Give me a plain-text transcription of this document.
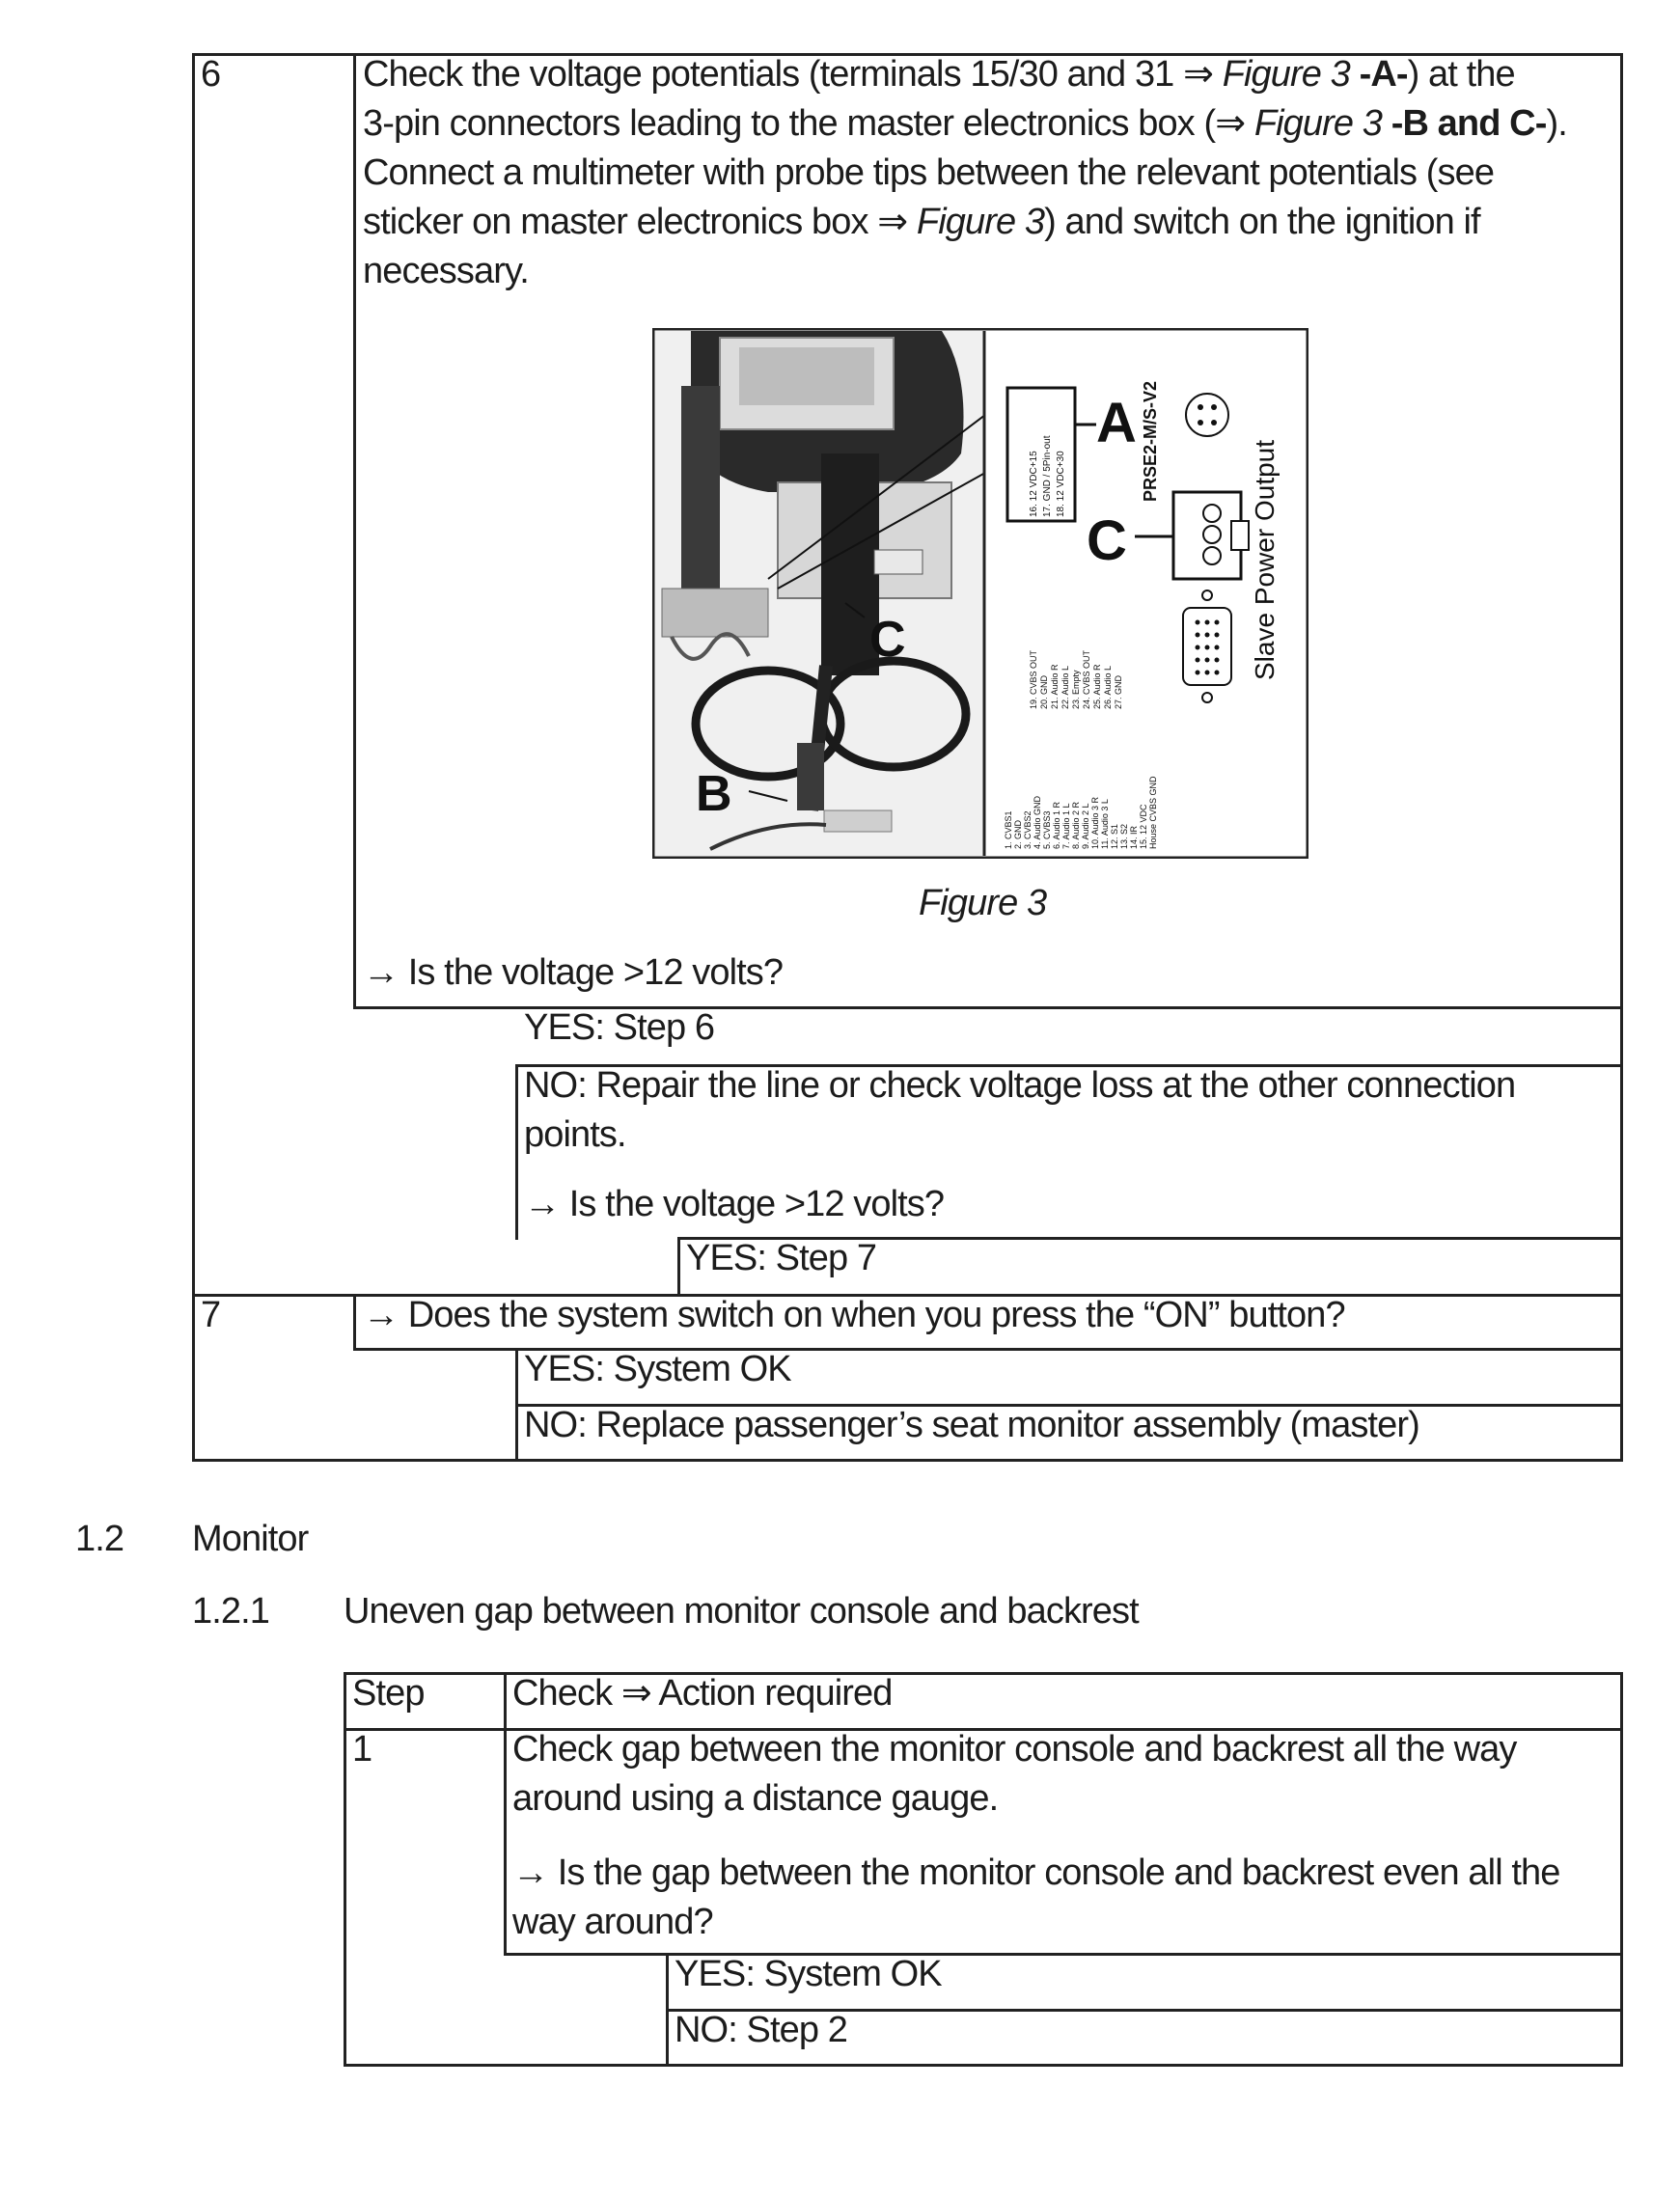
6	Check the voltage potentials (terminals 15/30 and 31 ⇒ Figure 3 -A-) at the
3-pin connectors leading to the master electronics box (⇒ Figure 3 -B and C-).
Connect a multimeter with probe tips between the relevant potentials (see
sticker on master electronics box ⇒ Figure 3) and switch on the ignition if
necessary.
C
B
16. 12 VDC+15 17. GND / 5Pin-out 18. 12 VDC+30
A PRSE2-M/S-V2
C	Slave Power Output
19. CVBS OUT 20. GND 21. Audio R 22. Audio L 23. Empty 24. CVBS OUT 25. Audio R 26. Audio L 27. GND
1. CVBS1 2. GND 3. CVBS2 4. Audio GND 5. CVBS3 6. Audio 1 R 7. Audio 1 L 8. Audio 2 R 9. Audio 2 L 10. Audio 3 R 11. Audio 3 L 12. S1 13. S2 14. IR 15. 12 VDC House CVBS GND
Figure 3
→ Is the voltage >12 volts?
YES: Step 6
NO: Repair the line or check voltage loss at the other connection
points.
→ Is the voltage >12 volts?
YES: Step 7
7	→ Does the system switch on when you press the “ON” button?
YES: System OK
NO: Replace passenger’s seat monitor assembly (master)
1.2 Monitor
1.2.1 Uneven gap between monitor console and backrest
Step Check ⇒ Action required
1	Check gap between the monitor console and backrest all the way
around using a distance gauge.
→ Is the gap between the monitor console and backrest even all the
way around?
YES: System OK
NO: Step 2
